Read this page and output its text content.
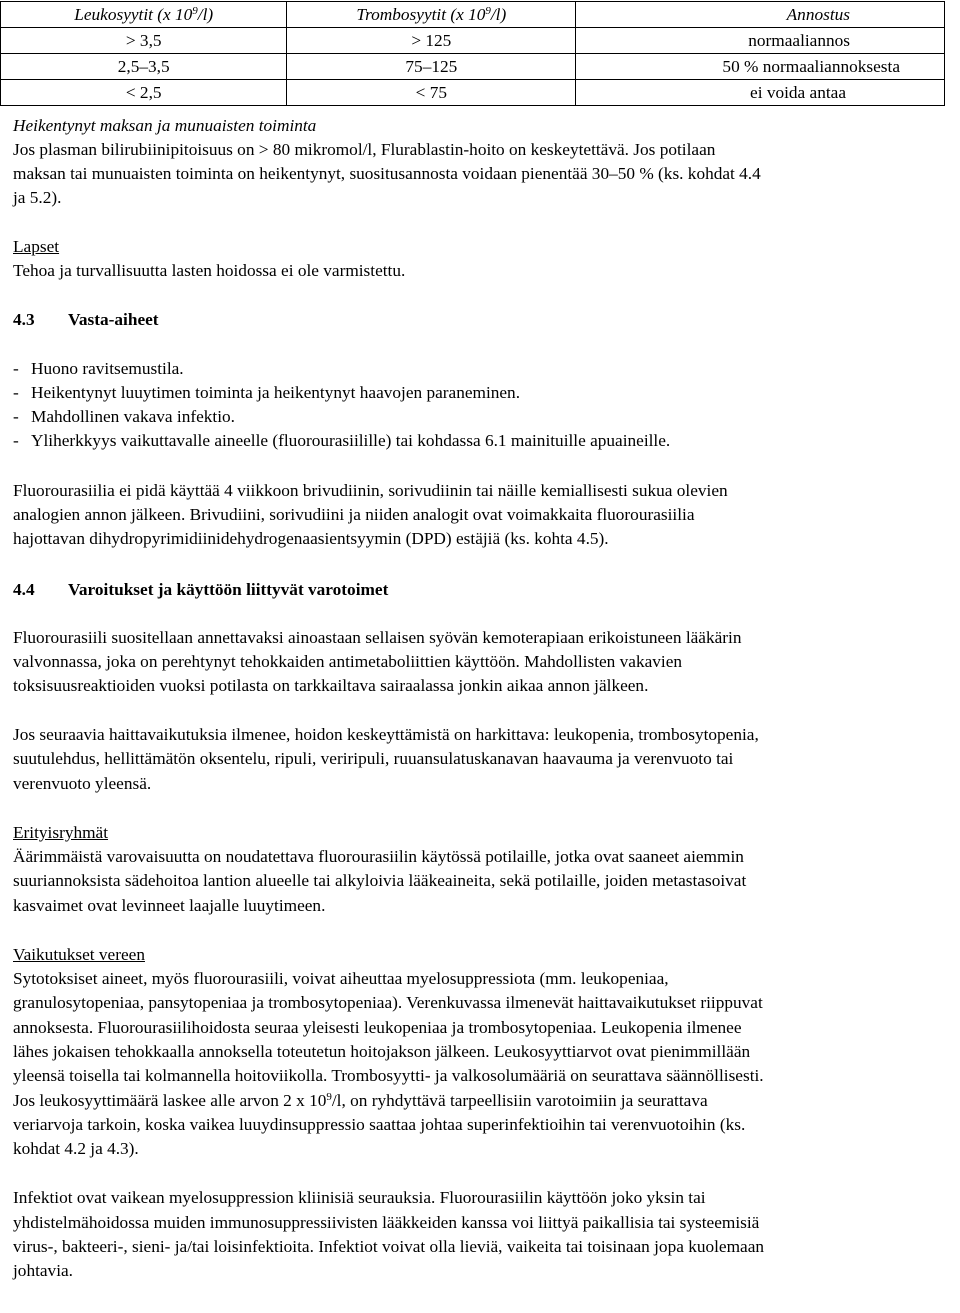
Leukosyytit (x $10^9/l$)	Trombosyytit (x $10^9/l$)	Annostus
> 3,5	> 125	normaaliannos
2,5–3,5	75–125	50 % normaaliannoksesta
< 2,5	< 75	ei voida antaa

Heikentynyt maksan ja munuaisten toiminta

Jos plasman bilirubiinipitoisuus on > 80 mikromol/l, Flurablastin-hoito on keskeytettävä. Jos potilaan

maksan tai munuaisten toiminta on heikentynyt, suositusannosta voidaan pienentää 30–50 % (ks. kohdat 4.4

ja 5.2).

Lapset

Tehoa ja turvallisuutta lasten hoidossa ei ole varmistettu.

4.3 Vasta-aiheet

- Huono ravitsemustila.
- Heikentynyt luuytimen toiminta ja heikentynyt haavojen paraneminen.
- Mahdollinen vakava infektio.
- Yliherkkyys vaikuttavalle aineelle (fluorourasiilille) tai kohdassa 6.1 mainituille apuaineille.

Fluorourasiilia ei pidä käyttää 4 viikkoon brivudiinin, sorivudiinin tai näille kemiallisesti sukua olevien

analogien annon jälkeen. Brivudiini, sorivudiini ja niiden analogit ovat voimakkaita fluorourasiilia

hajottavan dihydropyrimidiinidehydrogenaasientsyymin (DPD) estäjiä (ks. kohta 4.5).

4.4 Varoitukset ja käyttöön liittyvät varotoimet

Fluorourasiili suositellaan annettavaksi ainoastaan sellaisen syövän kemoterapiaan erikoistuneen lääkärin

valvonnassa, joka on perehtynyt tehokkaiden antimetaboliittien käyttöön. Mahdollisten vakavien

toksisuusreaktioiden vuoksi potilasta on tarkkailtava sairaalassa jonkin aikaa annon jälkeen.

Jos seuraavia haittavaikutuksia ilmenee, hoidon keskeyttämistä on harkittava: leukopenia, trombosytopenia,

suutulehdus, hellittämätön oksentelu, ripuli, veriripuli, ruuansulatuskanavan haavauma ja verenvuoto tai

verenvuoto yleensä.

Erityisryhmät

Äärimmäistä varovaisuutta on noudatettava fluorourasiilin käytössä potilaille, jotka ovat saaneet aiemmin

suuriannoksista sädehoitoa lantion alueelle tai alkyloivia lääkeaineita, sekä potilaille, joiden metastasoivat

kasvaimet ovat levinneet laajalle luuytimeen.

Vaikutukset vereen

Sytotoksiset aineet, myös fluorourasiili, voivat aiheuttaa myelosuppressiota (mm. leukopeniaa,

granulosytopeniaa, pansytopeniaa ja trombosytopeniaa). Verenkuvassa ilmenevät haittavaikutukset riippuvat

annoksesta. Fluorourasiilihoidosta seuraa yleisesti leukopeniaa ja trombosytopeniaa. Leukopenia ilmenee

lähes jokaisen tehokkaalla annoksella toteutetun hoitojakson jälkeen. Leukosyyttiarvot ovat pienimmillään

yleensä toisella tai kolmannella hoitoviikolla. Trombosyytti- ja valkosolumääriä on seurattava säännöllisesti.

Jos leukosyyttimäärä laskee alle arvon 2 x $10^9/l$, on ryhdyttävä tarpeellisiin varotoimiin ja seurattava

veriarvoja tarkoin, koska vaikea luuydinsuppressio saattaa johtaa superinfektioihin tai verenvuotoihin (ks.

kohdat 4.2 ja 4.3).

Infektiot ovat vaikean myelosuppression kliinisiä seurauksia. Fluorourasiilin käyttöön joko yksin tai

yhdistelmähoidossa muiden immunosuppressiivisten lääkkeiden kanssa voi liittyä paikallisia tai systeemisiä

virus-, bakteeri-, sieni- ja/tai loisinfektioita. Infektiot voivat olla lieviä, vaikeita tai toisinaan jopa kuolemaan

johtavia.
